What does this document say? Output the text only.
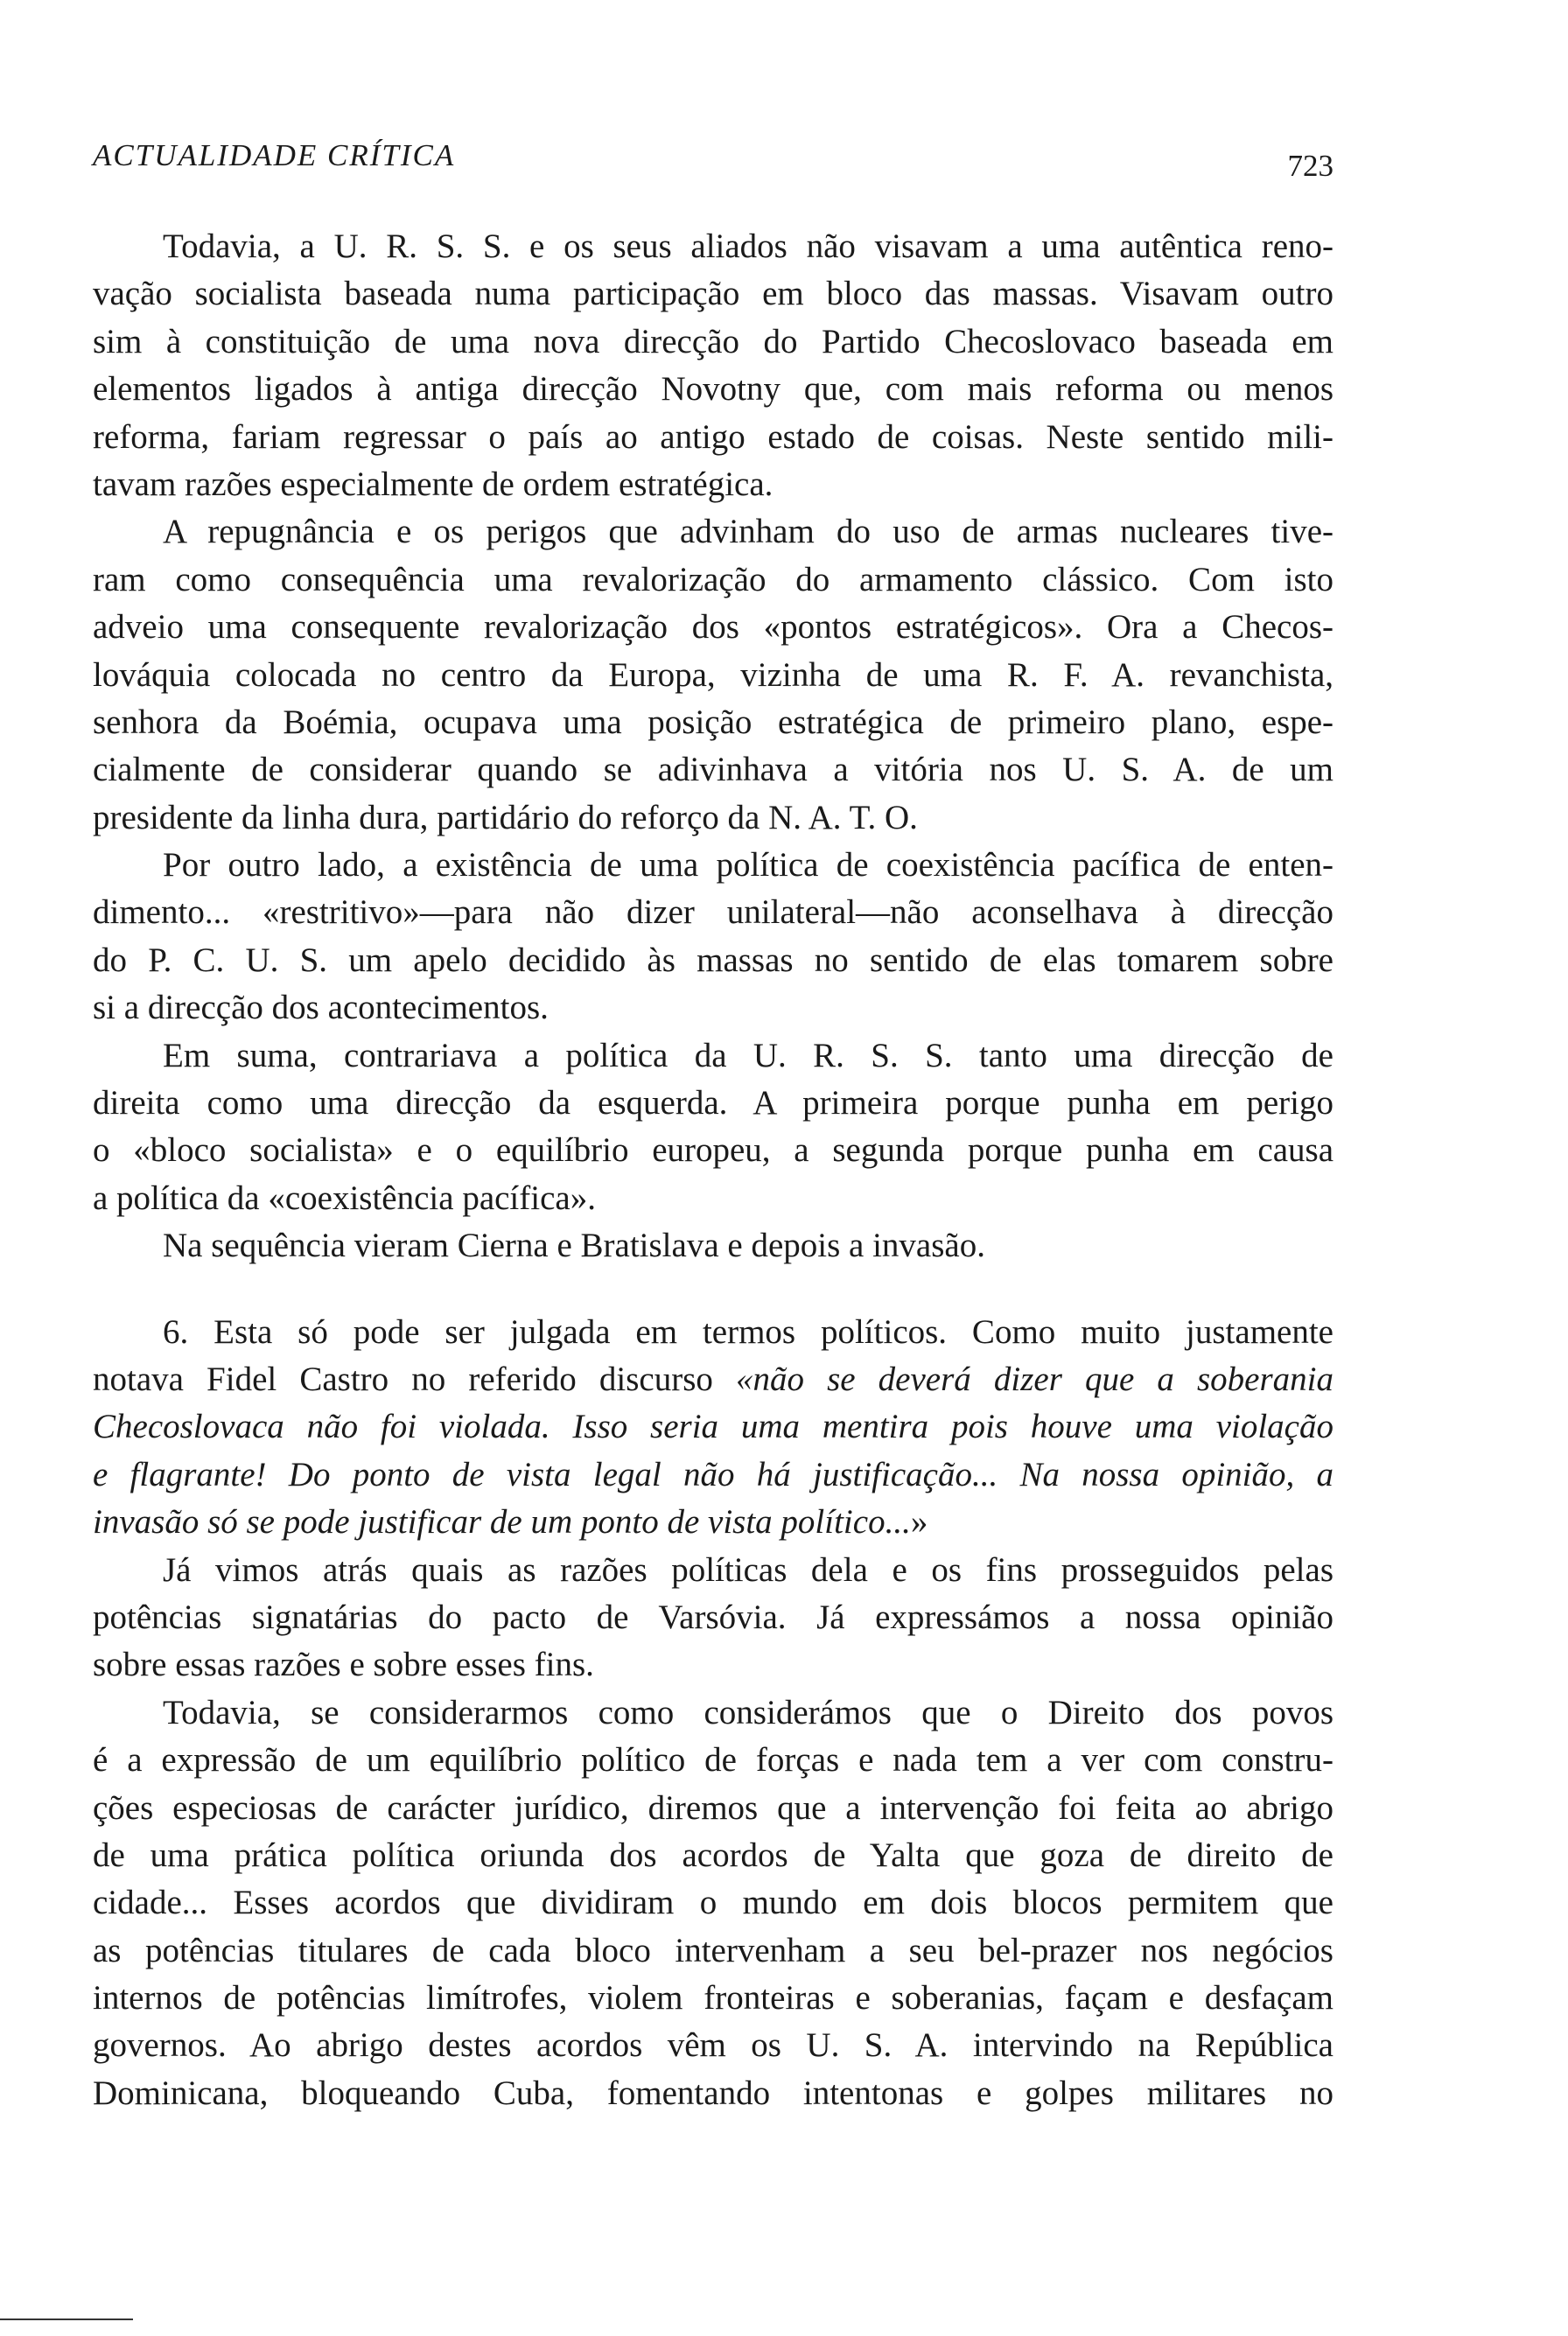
ACTUALIDADE CRÍTICA	723
Todavia, a U. R. S. S. e os seus aliados não visavam a uma autêntica reno-
vação socialista baseada numa participação em bloco das massas. Visavam outro
sim à constituição de uma nova direcção do Partido Checoslovaco baseada em
elementos ligados à antiga direcção Novotny que, com mais reforma ou menos
reforma, fariam regressar o país ao antigo estado de coisas. Neste sentido mili-
tavam razões especialmente de ordem estratégica.
A repugnância e os perigos que advinham do uso de armas nucleares tive-
ram como consequência uma revalorização do armamento clássico. Com isto
adveio uma consequente revalorização dos «pontos estratégicos». Ora a Checos-
lováquia colocada no centro da Europa, vizinha de uma R. F. A. revanchista,
senhora da Boémia, ocupava uma posição estratégica de primeiro plano, espe-
cialmente de considerar quando se adivinhava a vitória nos U. S. A. de um
presidente da linha dura, partidário do reforço da N. A. T. O.
Por outro lado, a existência de uma política de coexistência pacífica de enten-
dimento... «restritivo»—para não dizer unilateral—não aconselhava à direcção
do P. C. U. S. um apelo decidido às massas no sentido de elas tomarem sobre
si a direcção dos acontecimentos.
Em suma, contrariava a política da U. R. S. S. tanto uma direcção de
direita como uma direcção da esquerda. A primeira porque punha em perigo
o «bloco socialista» e o equilíbrio europeu, a segunda porque punha em causa
a política da «coexistência pacífica».
Na sequência vieram Cierna e Bratislava e depois a invasão.
6. Esta só pode ser julgada em termos políticos. Como muito justamente
notava Fidel Castro no referido discurso «não se deverá dizer que a soberania
Checoslovaca não foi violada. Isso seria uma mentira pois houve uma violação
e flagrante! Do ponto de vista legal não há justificação... Na nossa opinião, a
invasão só se pode justificar de um ponto de vista político...»
Já vimos atrás quais as razões políticas dela e os fins prosseguidos pelas
potências signatárias do pacto de Varsóvia. Já expressámos a nossa opinião
sobre essas razões e sobre esses fins.
Todavia, se considerarmos como considerámos que o Direito dos povos
é a expressão de um equilíbrio político de forças e nada tem a ver com constru-
ções especiosas de carácter jurídico, diremos que a intervenção foi feita ao abrigo
de uma prática política oriunda dos acordos de Yalta que goza de direito de
cidade... Esses acordos que dividiram o mundo em dois blocos permitem que
as potências titulares de cada bloco intervenham a seu bel-prazer nos negócios
internos de potências limítrofes, violem fronteiras e soberanias, façam e desfaçam
governos. Ao abrigo destes acordos vêm os U. S. A. intervindo na República
Dominicana, bloqueando Cuba, fomentando intentonas e golpes militares no
